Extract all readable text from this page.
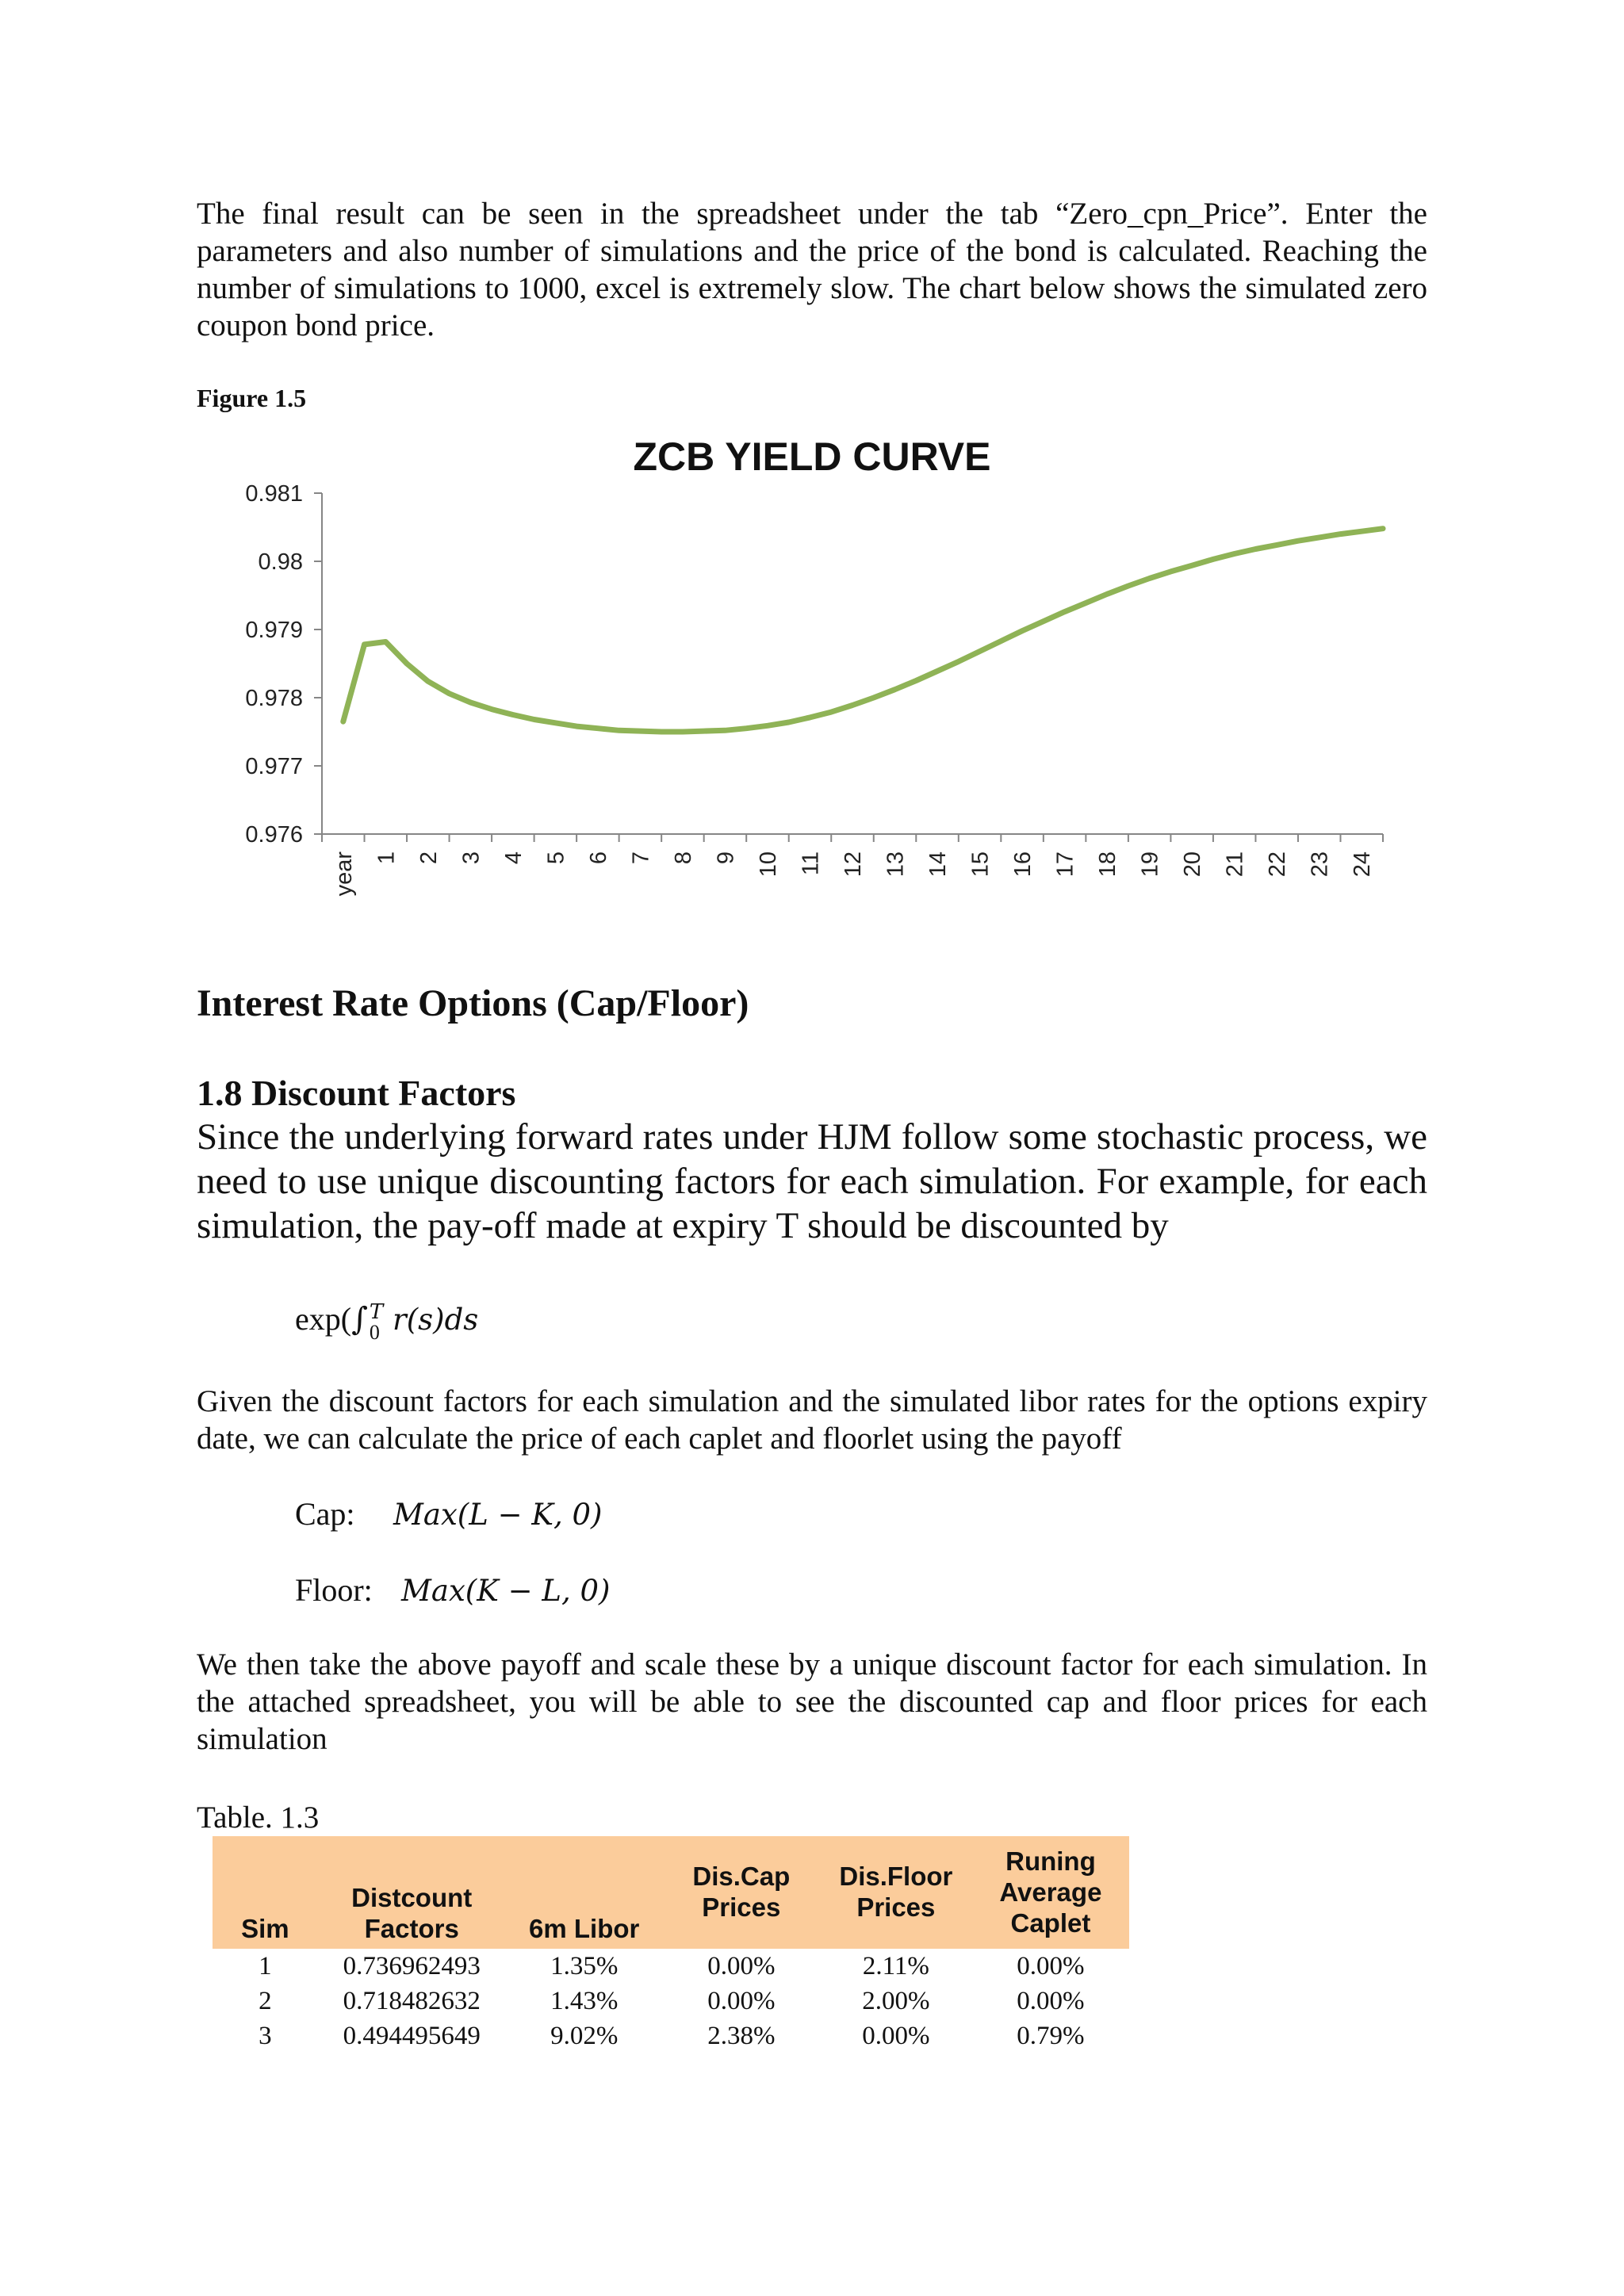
The final result can be seen in the spreadsheet under the tab “Zero_cpn_Price”. Enter the parameters and also number of simulations and the price of the bond is calculated. Reaching the number of simulations to 1000, excel is extremely slow. The chart below shows the simulated zero coupon bond price.

Figure 1.5

ZCB YIELD CURVE
0.976
0.977
0.978
0.979
0.98
0.981
year 1 2 3 4 5 6 7 8 9 10 11 12 13 14 15 16 17 18 19 20 21 22 23 24
Interest Rate Options (Cap/Floor)
1.8 Discount Factors

Since the underlying forward rates under HJM follow some stochastic process, we need to use unique discounting factors for each simulation. For example, for each simulation, the pay-off made at expiry T should be discounted by

exp(∫ T
0 r(s)ds

Given the discount factors for each simulation and the simulated libor rates for the options expiry date, we can calculate the price of each caplet and floorlet using the payoff

Cap: Max(L − K, 0)

Floor: Max(K − L, 0)

We then take the above payoff and scale these by a unique discount factor for each simulation. In the attached spreadsheet, you will be able to see the discounted cap and floor prices for each simulation

Table. 1.3

Sim	Distcount Factors	6m Libor	Dis.Cap Prices	Dis.Floor Prices	Runing Average Caplet
1	0.736962493	1.35%	0.00%	2.11%	0.00%
2	0.718482632	1.43%	0.00%	2.00%	0.00%
3	0.494495649	9.02%	2.38%	0.00%	0.79%
